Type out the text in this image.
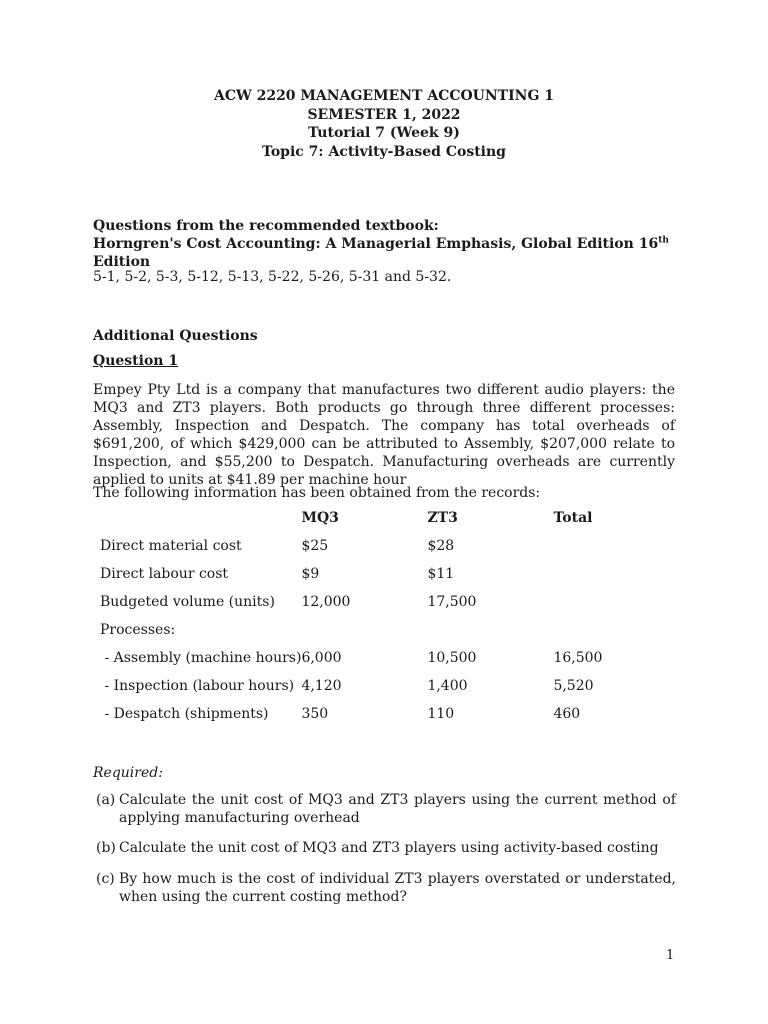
ACW 2220 MANAGEMENT ACCOUNTING 1
SEMESTER 1, 2022
Tutorial 7 (Week 9)
Topic 7: Activity-Based Costing
Questions from the recommended textbook:
Horngren's Cost Accounting: A Managerial Emphasis, Global Edition 16th Edition
5-1, 5-2, 5-3, 5-12, 5-13, 5-22, 5-26, 5-31 and 5-32.
Additional Questions
Question 1
Empey Pty Ltd is a company that manufactures two different audio players: the MQ3 and ZT3 players. Both products go through three different processes: Assembly, Inspection and Despatch. The company has total overheads of $691,200, of which $429,000 can be attributed to Assembly, $207,000 relate to Inspection, and $55,200 to Despatch. Manufacturing overheads are currently applied to units at $41.89 per machine hour
The following information has been obtained from the records:
	MQ3	ZT3	Total
Direct material cost	$25	$28	
Direct labour cost	$9	$11	
Budgeted volume (units)	12,000	17,500	
Processes:			
- Assembly (machine hours)	6,000	10,500	16,500
- Inspection (labour hours)	4,120	1,400	5,520
- Despatch (shipments)	350	110	460
Required:
(a) Calculate the unit cost of MQ3 and ZT3 players using the current method of applying manufacturing overhead
(b) Calculate the unit cost of MQ3 and ZT3 players using activity-based costing
(c) By how much is the cost of individual ZT3 players overstated or understated, when using the current costing method?
1
